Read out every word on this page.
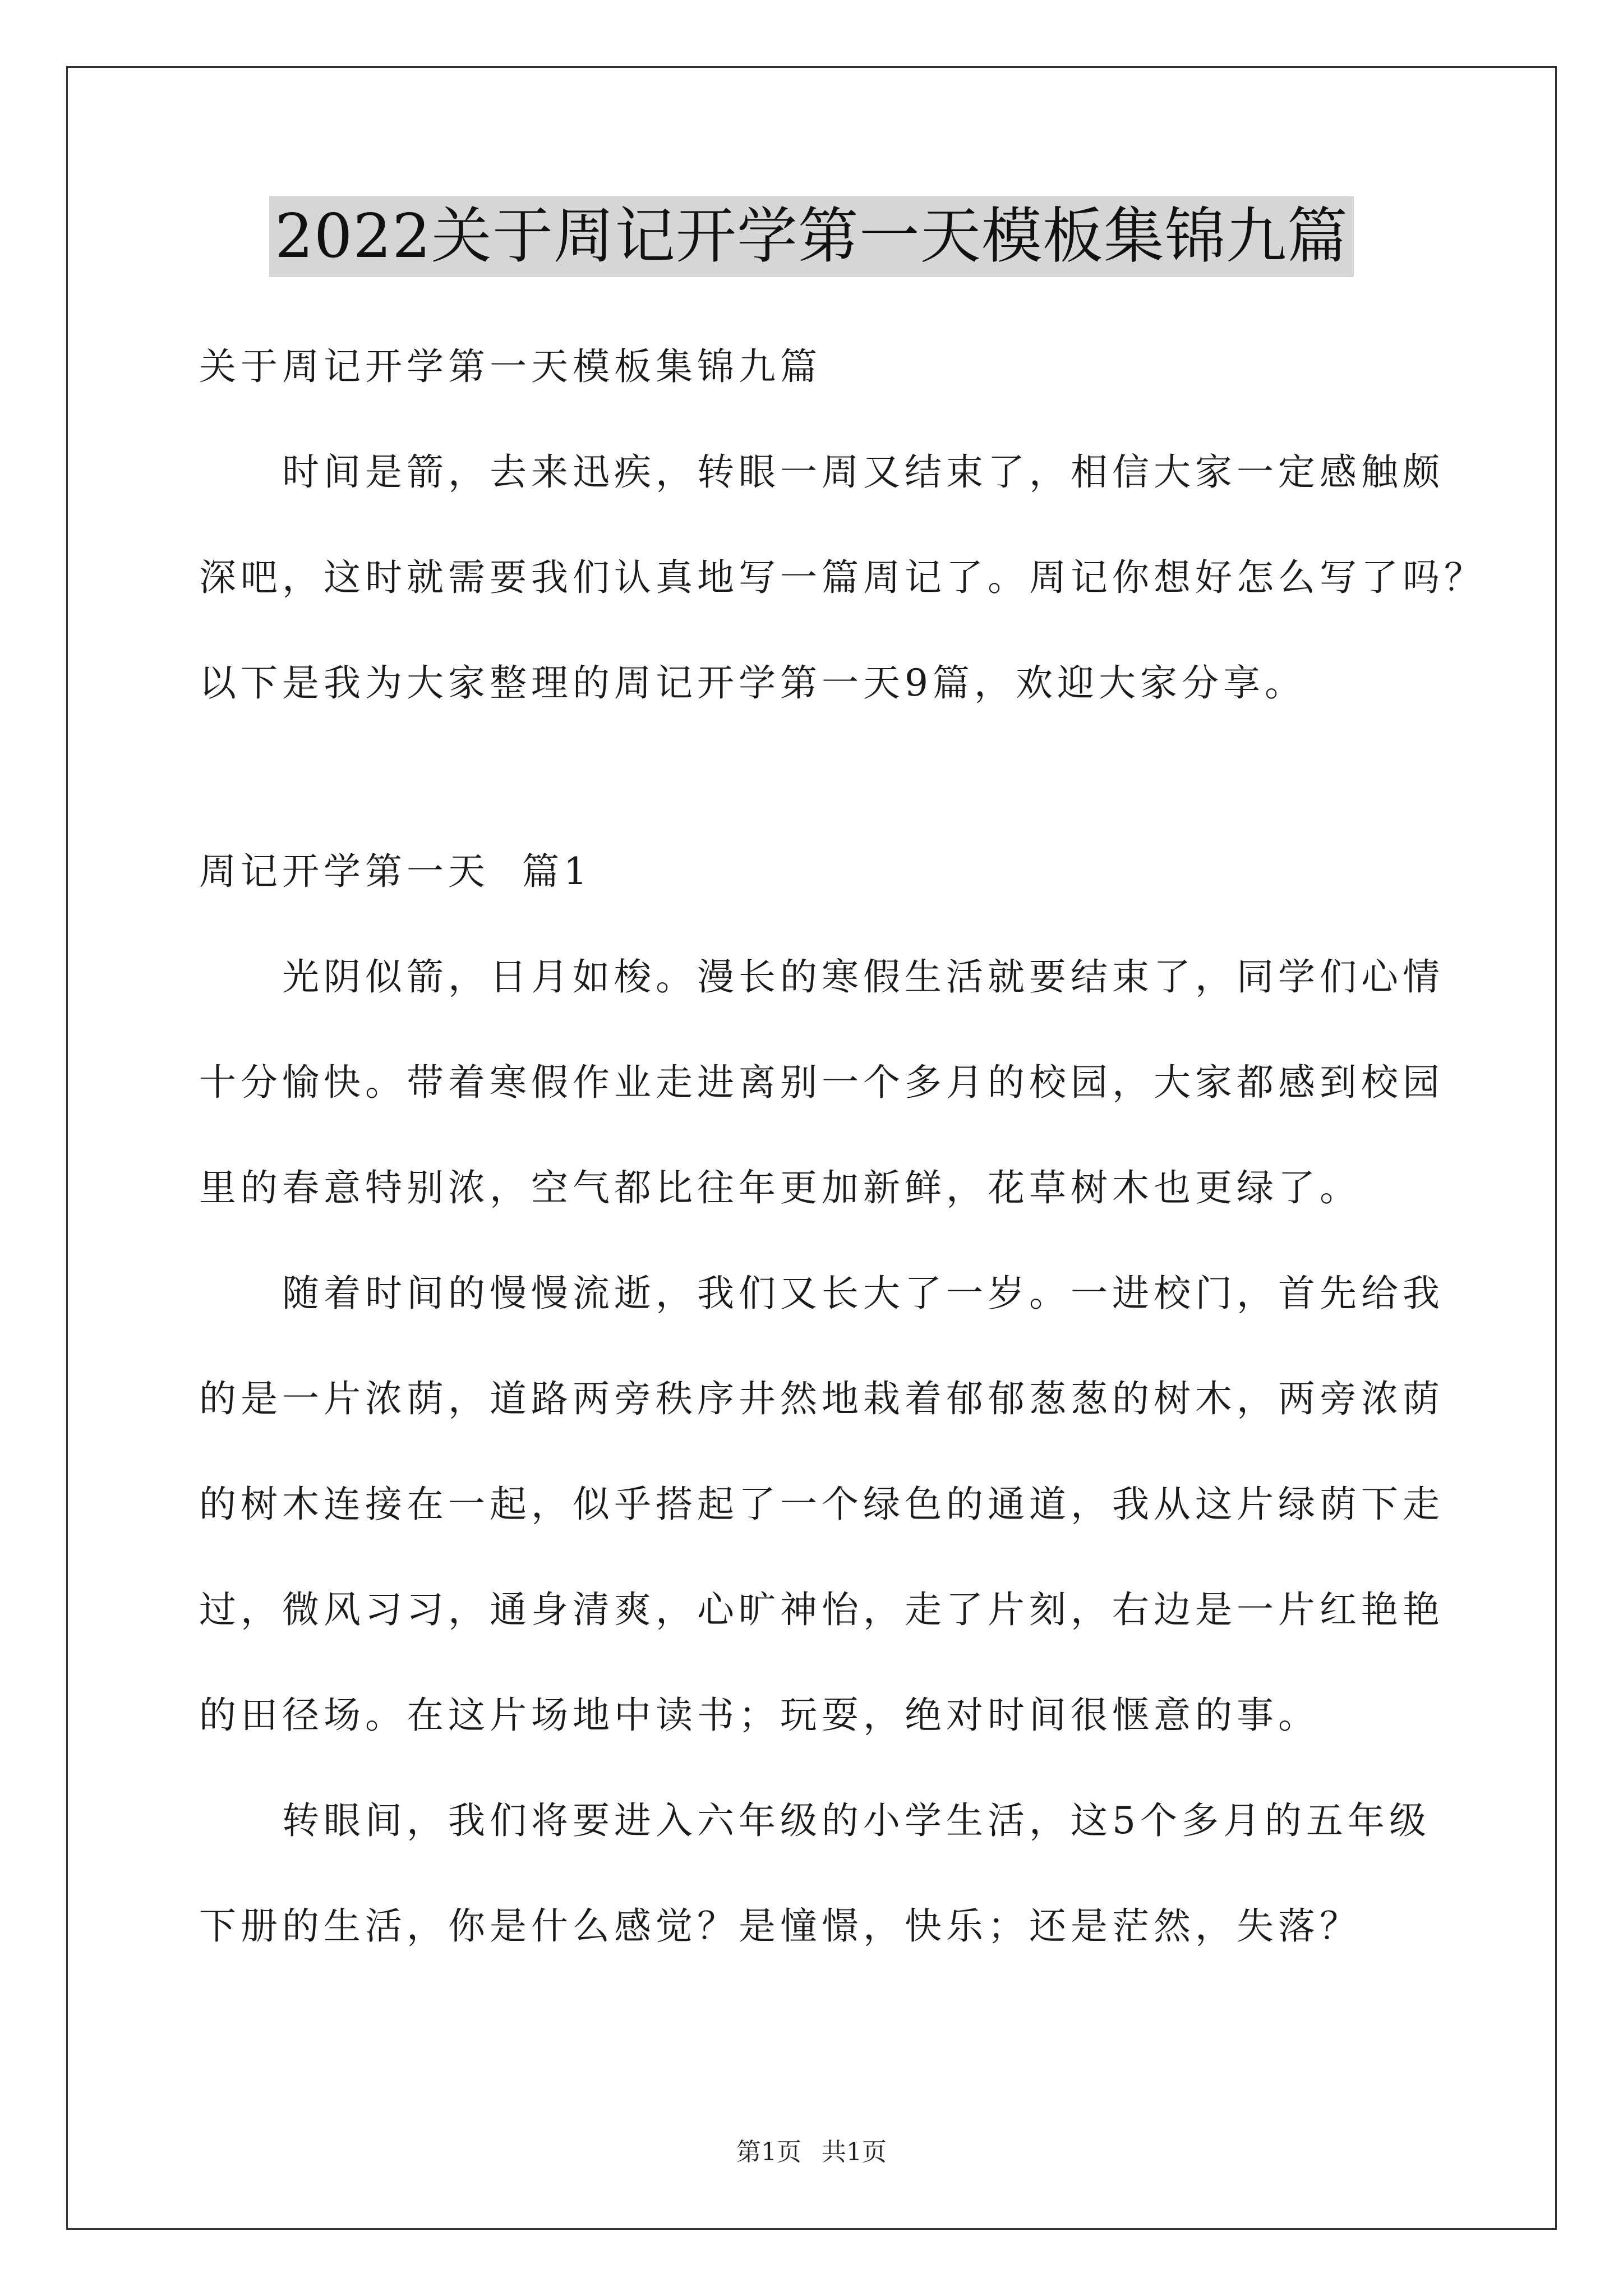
2022关于周记开学第一天模板集锦九篇
关于周记开学第一天模板集锦九篇
时间是箭，去来迅疾，转眼一周又结束了，相信大家一定感触颇
深吧，这时就需要我们认真地写一篇周记了。周记你想好怎么写了吗？
以下是我为大家整理的周记开学第一天9篇，欢迎大家分享。
周记开学第一天  篇1
光阴似箭，日月如梭。漫长的寒假生活就要结束了，同学们心情
十分愉快。带着寒假作业走进离别一个多月的校园，大家都感到校园
里的春意特别浓，空气都比往年更加新鲜，花草树木也更绿了。
随着时间的慢慢流逝，我们又长大了一岁。一进校门，首先给我
的是一片浓荫，道路两旁秩序井然地栽着郁郁葱葱的树木，两旁浓荫
的树木连接在一起，似乎搭起了一个绿色的通道，我从这片绿荫下走
过，微风习习，通身清爽，心旷神怡，走了片刻，右边是一片红艳艳
的田径场。在这片场地中读书；玩耍，绝对时间很惬意的事。
转眼间，我们将要进入六年级的小学生活，这5个多月的五年级
下册的生活，你是什么感觉？是憧憬，快乐；还是茫然，失落？
第1页 共1页
